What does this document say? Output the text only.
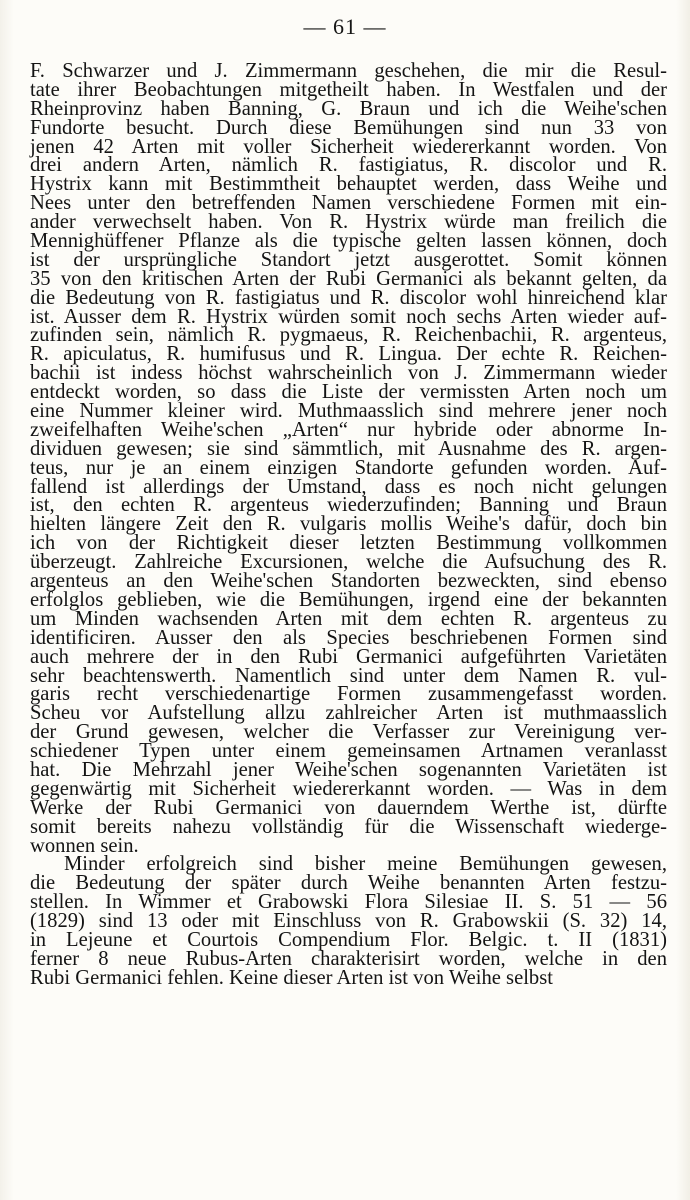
— 61 —
F. Schwarzer und J. Zimmermann geschehen, die mir die Resul-
tate ihrer Beobachtungen mitgetheilt haben. In Westfalen und der
Rheinprovinz haben Banning, G. Braun und ich die Weihe'schen
Fundorte besucht. Durch diese Bemühungen sind nun 33 von
jenen 42 Arten mit voller Sicherheit wiedererkannt worden. Von
drei andern Arten, nämlich R. fastigiatus, R. discolor und R.
Hystrix kann mit Bestimmtheit behauptet werden, dass Weihe und
Nees unter den betreffenden Namen verschiedene Formen mit ein-
ander verwechselt haben. Von R. Hystrix würde man freilich die
Mennighüffener Pflanze als die typische gelten lassen können, doch
ist der ursprüngliche Standort jetzt ausgerottet. Somit können
35 von den kritischen Arten der Rubi Germanici als bekannt gelten, da
die Bedeutung von R. fastigiatus und R. discolor wohl hinreichend klar
ist. Ausser dem R. Hystrix würden somit noch sechs Arten wieder auf-
zufinden sein, nämlich R. pygmaeus, R. Reichenbachii, R. argenteus,
R. apiculatus, R. humifusus und R. Lingua. Der echte R. Reichen-
bachii ist indess höchst wahrscheinlich von J. Zimmermann wieder
entdeckt worden, so dass die Liste der vermissten Arten noch um
eine Nummer kleiner wird. Muthmaasslich sind mehrere jener noch
zweifelhaften Weihe'schen „Arten“ nur hybride oder abnorme In-
dividuen gewesen; sie sind sämmtlich, mit Ausnahme des R. argen-
teus, nur je an einem einzigen Standorte gefunden worden. Auf-
fallend ist allerdings der Umstand, dass es noch nicht gelungen
ist, den echten R. argenteus wiederzufinden; Banning und Braun
hielten längere Zeit den R. vulgaris mollis Weihe's dafür, doch bin
ich von der Richtigkeit dieser letzten Bestimmung vollkommen
überzeugt. Zahlreiche Excursionen, welche die Aufsuchung des R.
argenteus an den Weihe'schen Standorten bezweckten, sind ebenso
erfolglos geblieben, wie die Bemühungen, irgend eine der bekannten
um Minden wachsenden Arten mit dem echten R. argenteus zu
identificiren. Ausser den als Species beschriebenen Formen sind
auch mehrere der in den Rubi Germanici aufgeführten Varietäten
sehr beachtenswerth. Namentlich sind unter dem Namen R. vul-
garis recht verschiedenartige Formen zusammengefasst worden.
Scheu vor Aufstellung allzu zahlreicher Arten ist muthmaasslich
der Grund gewesen, welcher die Verfasser zur Vereinigung ver-
schiedener Typen unter einem gemeinsamen Artnamen veranlasst
hat. Die Mehrzahl jener Weihe'schen sogenannten Varietäten ist
gegenwärtig mit Sicherheit wiedererkannt worden. — Was in dem
Werke der Rubi Germanici von dauerndem Werthe ist, dürfte
somit bereits nahezu vollständig für die Wissenschaft wiederge-
wonnen sein.
Minder erfolgreich sind bisher meine Bemühungen gewesen,
die Bedeutung der später durch Weihe benannten Arten festzu-
stellen. In Wimmer et Grabowski Flora Silesiae II. S. 51 — 56
(1829) sind 13 oder mit Einschluss von R. Grabowskii (S. 32) 14,
in Lejeune et Courtois Compendium Flor. Belgic. t. II (1831)
ferner 8 neue Rubus-Arten charakterisirt worden, welche in den
Rubi Germanici fehlen. Keine dieser Arten ist von Weihe selbst
